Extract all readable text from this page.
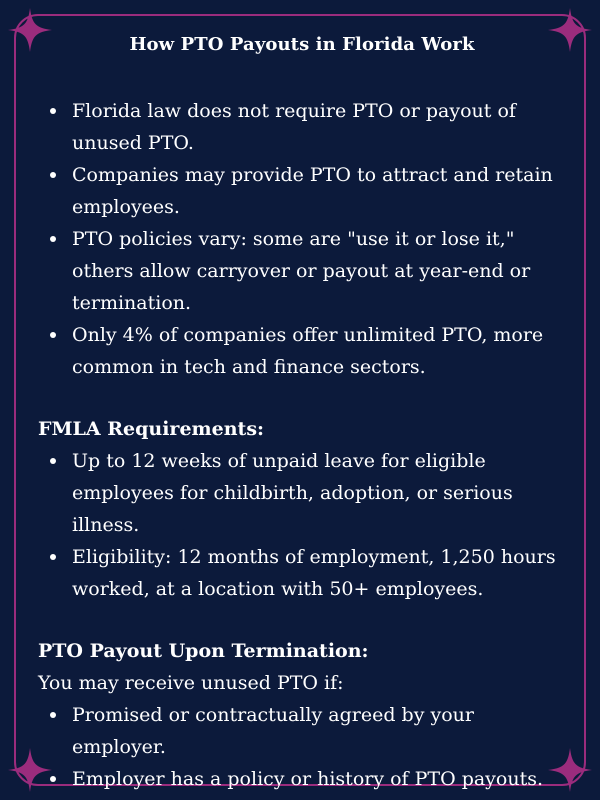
How PTO Payouts in Florida Work
Florida law does not require PTO or payout of unused PTO.
Companies may provide PTO to attract and retain employees.
PTO policies vary: some are "use it or lose it," others allow carryover or payout at year-end or termination.
Only 4% of companies offer unlimited PTO, more common in tech and finance sectors.

FMLA Requirements:

Up to 12 weeks of unpaid leave for eligible employees for childbirth, adoption, or serious illness.
Eligibility: 12 months of employment, 1,250 hours worked, at a location with 50+ employees.

PTO Payout Upon Termination:

You may receive unused PTO if:

Promised or contractually agreed by your employer.
Employer has a policy or history of PTO payouts.
